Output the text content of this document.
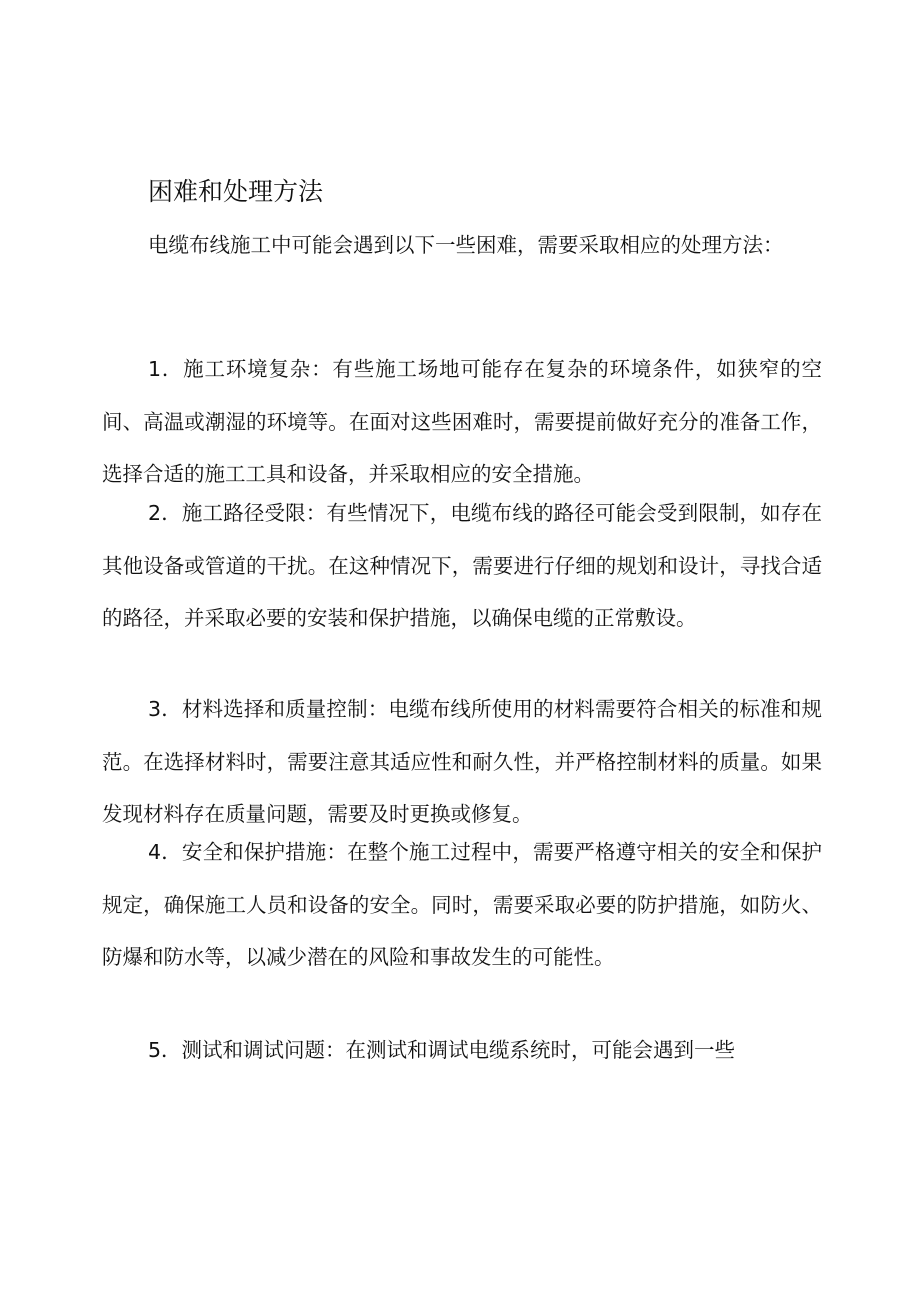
困难和处理方法

电缆布线施工中可能会遇到以下一些困难，需要采取相应的处理方法：

1．施工环境复杂：有些施工场地可能存在复杂的环境条件，如狭窄的空间、高温或潮湿的环境等。在面对这些困难时，需要提前做好充分的准备工作，选择合适的施工工具和设备，并采取相应的安全措施。

2．施工路径受限：有些情况下，电缆布线的路径可能会受到限制，如存在其他设备或管道的干扰。在这种情况下，需要进行仔细的规划和设计，寻找合适的路径，并采取必要的安装和保护措施，以确保电缆的正常敷设。

3．材料选择和质量控制：电缆布线所使用的材料需要符合相关的标准和规范。在选择材料时，需要注意其适应性和耐久性，并严格控制材料的质量。如果发现材料存在质量问题，需要及时更换或修复。

4．安全和保护措施：在整个施工过程中，需要严格遵守相关的安全和保护规定，确保施工人员和设备的安全。同时，需要采取必要的防护措施，如防火、防爆和防水等，以减少潜在的风险和事故发生的可能性。

5．测试和调试问题：在测试和调试电缆系统时，可能会遇到一些
